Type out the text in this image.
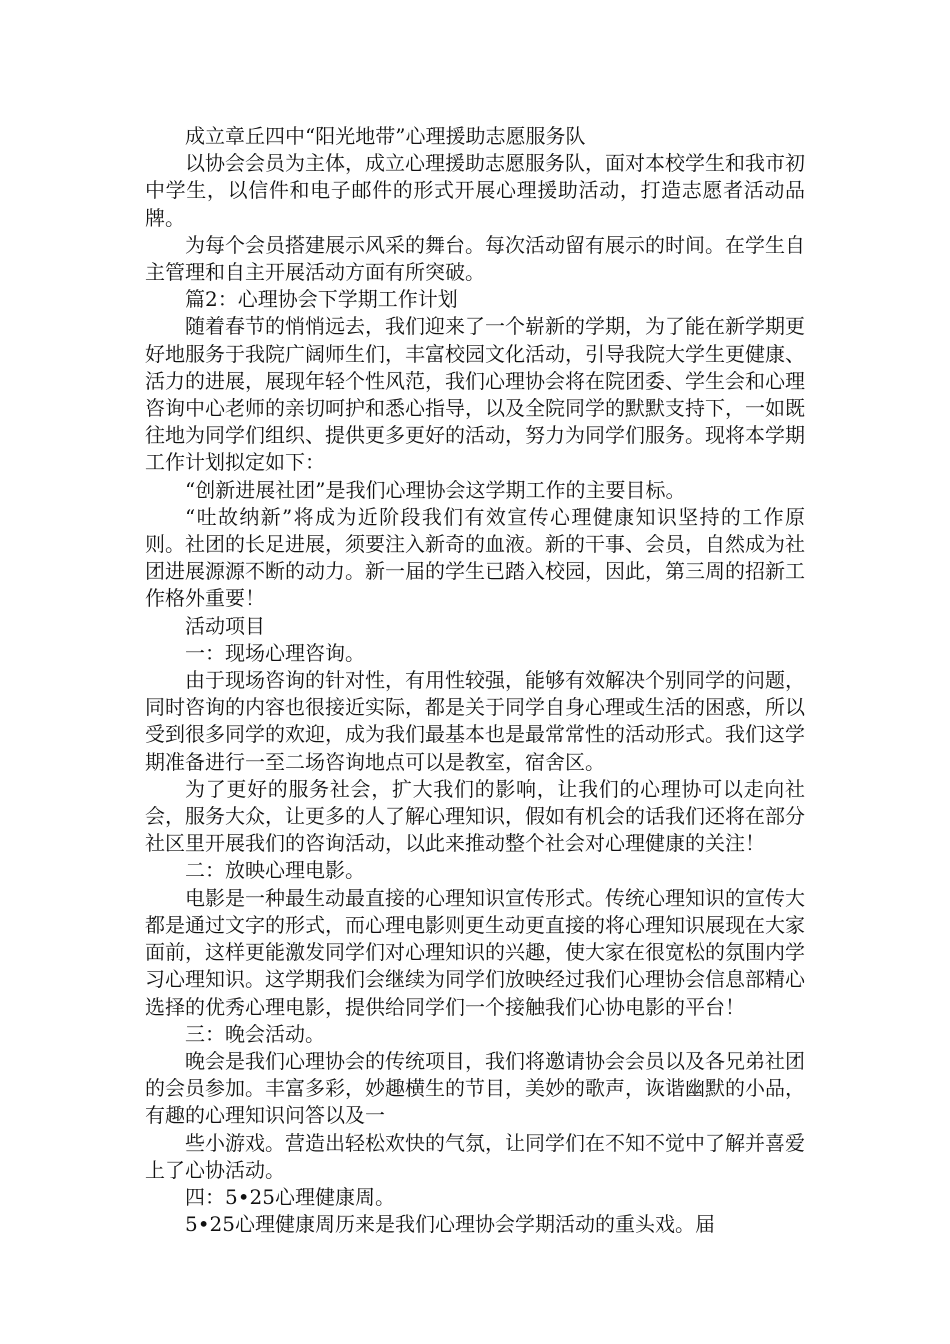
成立章丘四中“阳光地带”心理援助志愿服务队

以协会会员为主体，成立心理援助志愿服务队，面对本校学生和我市初中学生，以信件和电子邮件的形式开展心理援助活动，打造志愿者活动品牌。

为每个会员搭建展示风采的舞台。每次活动留有展示的时间。在学生自主管理和自主开展活动方面有所突破。

篇2：心理协会下学期工作计划

随着春节的悄悄远去，我们迎来了一个崭新的学期，为了能在新学期更好地服务于我院广阔师生们，丰富校园文化活动，引导我院大学生更健康、活力的进展，展现年轻个性风范，我们心理协会将在院团委、学生会和心理咨询中心老师的亲切呵护和悉心指导，以及全院同学的默默支持下，一如既往地为同学们组织、提供更多更好的活动，努力为同学们服务。现将本学期工作计划拟定如下：

“创新进展社团”是我们心理协会这学期工作的主要目标。

“吐故纳新”将成为近阶段我们有效宣传心理健康知识坚持的工作原则。社团的长足进展，须要注入新奇的血液。新的干事、会员，自然成为社团进展源源不断的动力。新一届的学生已踏入校园，因此，第三周的招新工作格外重要！

活动项目

一：现场心理咨询。

由于现场咨询的针对性，有用性较强，能够有效解决个别同学的问题，同时咨询的内容也很接近实际，都是关于同学自身心理或生活的困惑，所以受到很多同学的欢迎，成为我们最基本也是最常常性的活动形式。我们这学期准备进行一至二场咨询地点可以是教室，宿舍区。

为了更好的服务社会，扩大我们的影响，让我们的心理协可以走向社会，服务大众，让更多的人了解心理知识，假如有机会的话我们还将在部分社区里开展我们的咨询活动，以此来推动整个社会对心理健康的关注！

二：放映心理电影。

电影是一种最生动最直接的心理知识宣传形式。传统心理知识的宣传大都是通过文字的形式，而心理电影则更生动更直接的将心理知识展现在大家面前，这样更能激发同学们对心理知识的兴趣，使大家在很宽松的氛围内学习心理知识。这学期我们会继续为同学们放映经过我们心理协会信息部精心选择的优秀心理电影，提供给同学们一个接触我们心协电影的平台！

三：晚会活动。

晚会是我们心理协会的传统项目，我们将邀请协会会员以及各兄弟社团的会员参加。丰富多彩，妙趣横生的节目，美妙的歌声，诙谐幽默的小品，有趣的心理知识问答以及一

些小游戏。营造出轻松欢快的气氛，让同学们在不知不觉中了解并喜爱上了心协活动。

四：5•25心理健康周。

5•25心理健康周历来是我们心理协会学期活动的重头戏。届
